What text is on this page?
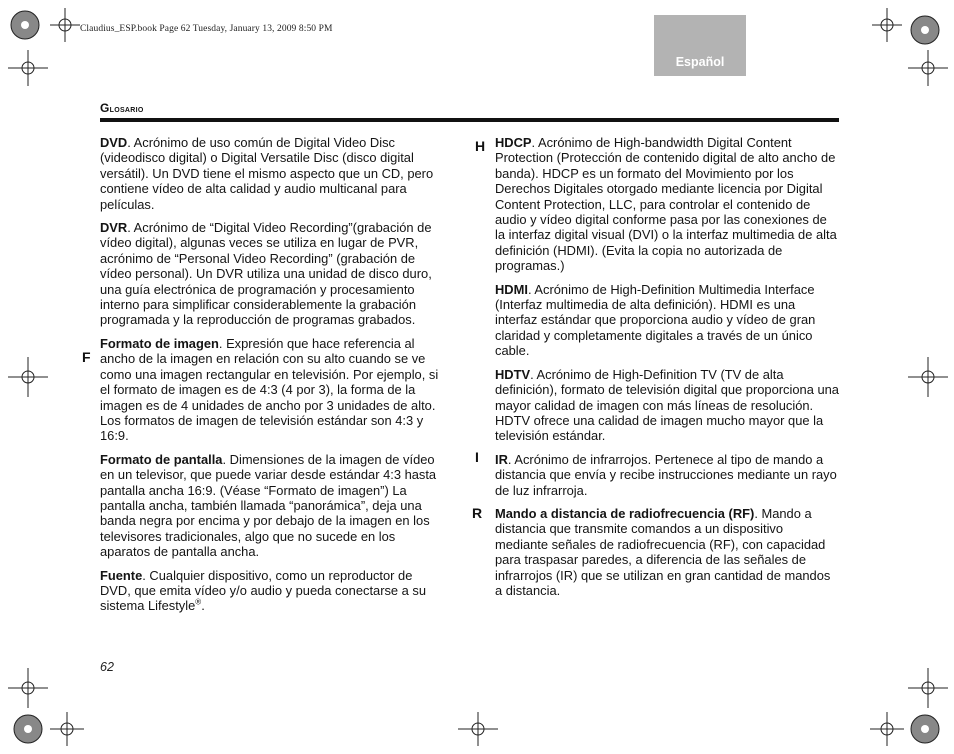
Claudius_ESP.book Page 62 Tuesday, January 13, 2009 8:50 PM
Español
Glosario

DVD. Acrónimo de uso común de Digital Video Disc (videodisco digital) o Digital Versatile Disc (disco digital versátil). Un DVD tiene el mismo aspecto que un CD, pero contiene vídeo de alta calidad y audio multicanal para películas.

DVR. Acrónimo de “Digital Video Recording”(grabación de vídeo digital), algunas veces se utiliza en lugar de PVR, acrónimo de “Personal Video Recording” (grabación de vídeo personal). Un DVR utiliza una unidad de disco duro, una guía electrónica de programación y procesamiento interno para simplificar considerablemente la grabación programada y la reproducción de programas grabados.

Formato de imagen. Expresión que hace referencia al ancho de la imagen en relación con su alto cuando se ve como una imagen rectangular en televisión. Por ejemplo, si el formato de imagen es de 4:3 (4 por 3), la forma de la imagen es de 4 unidades de ancho por 3 unidades de alto. Los formatos de imagen de televisión estándar son 4:3 y 16:9.

Formato de pantalla. Dimensiones de la imagen de vídeo en un televisor, que puede variar desde estándar 4:3 hasta pantalla ancha 16:9. (Véase “Formato de imagen”) La pantalla ancha, también llamada “panorámica”, deja una banda negra por encima y por debajo de la imagen en los televisores tradicionales, algo que no sucede en los aparatos de pantalla ancha.

Fuente. Cualquier dispositivo, como un reproductor de DVD, que emita vídeo y/o audio y pueda conectarse a su sistema Lifestyle®.

HDCP. Acrónimo de High-bandwidth Digital Content Protection (Protección de contenido digital de alto ancho de banda). HDCP es un formato del Movimiento por los Derechos Digitales otorgado mediante licencia por Digital Content Protection, LLC, para controlar el contenido de audio y vídeo digital conforme pasa por las conexiones de la interfaz digital visual (DVI) o la interfaz multimedia de alta definición (HDMI). (Evita la copia no autorizada de programas.)

HDMI. Acrónimo de High-Definition Multimedia Interface (Interfaz multimedia de alta definición). HDMI es una interfaz estándar que proporciona audio y vídeo de gran claridad y completamente digitales a través de un único cable.

HDTV. Acrónimo de High-Definition TV (TV de alta definición), formato de televisión digital que proporciona una mayor calidad de imagen con más líneas de resolución. HDTV ofrece una calidad de imagen mucho mayor que la televisión estándar.

IR. Acrónimo de infrarrojos. Pertenece al tipo de mando a distancia que envía y recibe instrucciones mediante un rayo de luz infrarroja.

Mando a distancia de radiofrecuencia (RF). Mando a distancia que transmite comandos a un dispositivo mediante señales de radiofrecuencia (RF), con capacidad para traspasar paredes, a diferencia de las señales de infrarrojos (IR) que se utilizan en gran cantidad de mandos a distancia.

F
H
I
R
62
